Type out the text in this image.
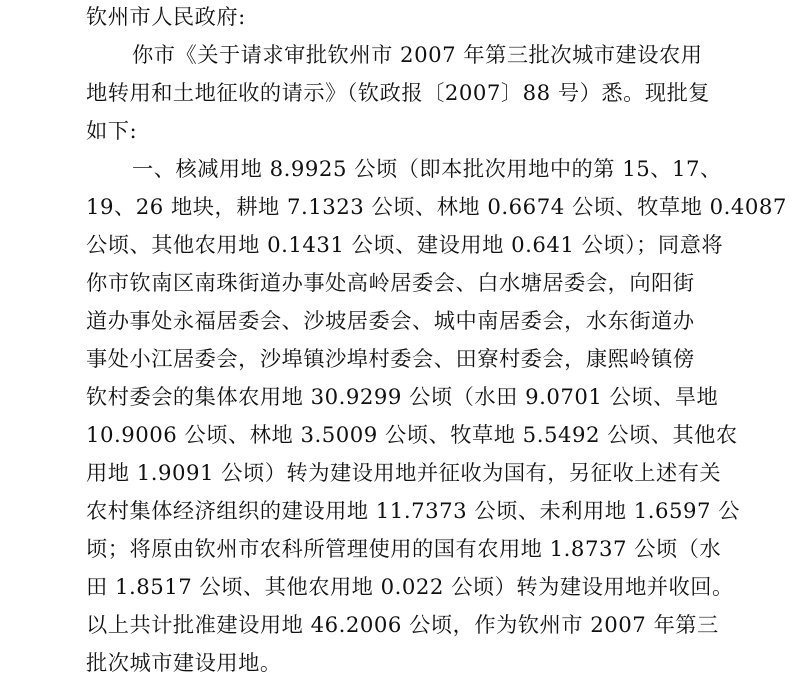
钦州市人民政府:
你市《关于请求审批钦州市 2007 年第三批次城市建设农用
地转用和土地征收的请示》（钦政报〔2007〕88 号）悉。现批复
如下:
一、核减用地 8.9925 公顷（即本批次用地中的第 15、17、
19、26 地块，耕地 7.1323 公顷、林地 0.6674 公顷、牧草地 0.4087
公顷、其他农用地 0.1431 公顷、建设用地 0.641 公顷）；同意将
你市钦南区南珠街道办事处高岭居委会、白水塘居委会，向阳街
道办事处永福居委会、沙坡居委会、城中南居委会，水东街道办
事处小江居委会，沙埠镇沙埠村委会、田寮村委会，康熙岭镇傍
钦村委会的集体农用地 30.9299 公顷（水田 9.0701 公顷、旱地
10.9006 公顷、林地 3.5009 公顷、牧草地 5.5492 公顷、其他农
用地 1.9091 公顷）转为建设用地并征收为国有，另征收上述有关
农村集体经济组织的建设用地 11.7373 公顷、未利用地 1.6597 公
顷；将原由钦州市农科所管理使用的国有农用地 1.8737 公顷（水
田 1.8517 公顷、其他农用地 0.022 公顷）转为建设用地并收回。
以上共计批准建设用地 46.2006 公顷，作为钦州市 2007 年第三
批次城市建设用地。
